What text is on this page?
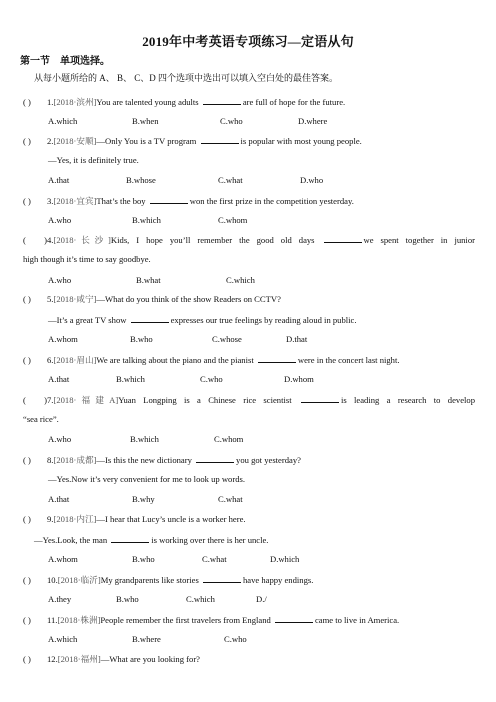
2019年中考英语专项练习—定语从句
第一节 单项选择。
从每小题所给的 A、 B、 C、D 四个选项中选出可以填入空白处的最佳答案。
( ) 1.[2018·滨州]You are talented young adults	are full of hope for the future.
A.which	B.when	C.who	D.where
( ) 2.[2018·安顺]—Only You is a TV program	is popular with most young people.
—Yes, it is definitely true.
A.that	B.whose	C.what	D.who
( ) 3.[2018·宜宾]That’s the boy	won the first prize in the competition yesterday.
A.who	B.which	C.whom
( )4.[2018·长沙]Kids, I hope you’ll remember the good old days	we spent together in junior
high though it’s time to say goodbye.
A.who	B.what	C.which
( ) 5.[2018·咸宁]—What do you think of the show Readers on CCTV?
—It’s a great TV show	expresses our true feelings by reading aloud in public.
A.whom	B.who	C.whose	D.that
( ) 6.[2018·眉山]We are talking about the piano and the pianist	were in the concert last night.
A.that	B.which	C.who	D.whom
( )7.[2018·福建A]Yuan Longping is a Chinese rice scientist	is leading a research to develop
“sea rice”.
A.who	B.which	C.whom
( ) 8.[2018·成都]—Is this the new dictionary	you got yesterday?
—Yes.Now it’s very convenient for me to look up words.
A.that	B.why	C.what
( ) 9.[2018·内江]—I hear that Lucy’s uncle is a worker here.
—Yes.Look, the man	is working over there is her uncle.
A.whom	B.who	C.what	D.which
( ) 10.[2018·临沂]My grandparents like stories	have happy endings.
A.they	B.who	C.which	D./
( ) 11.[2018·株洲]People remember the first travelers from England	came to live in America.
A.which	B.where	C.who
( ) 12.[2018·福州]—What are you looking for?
